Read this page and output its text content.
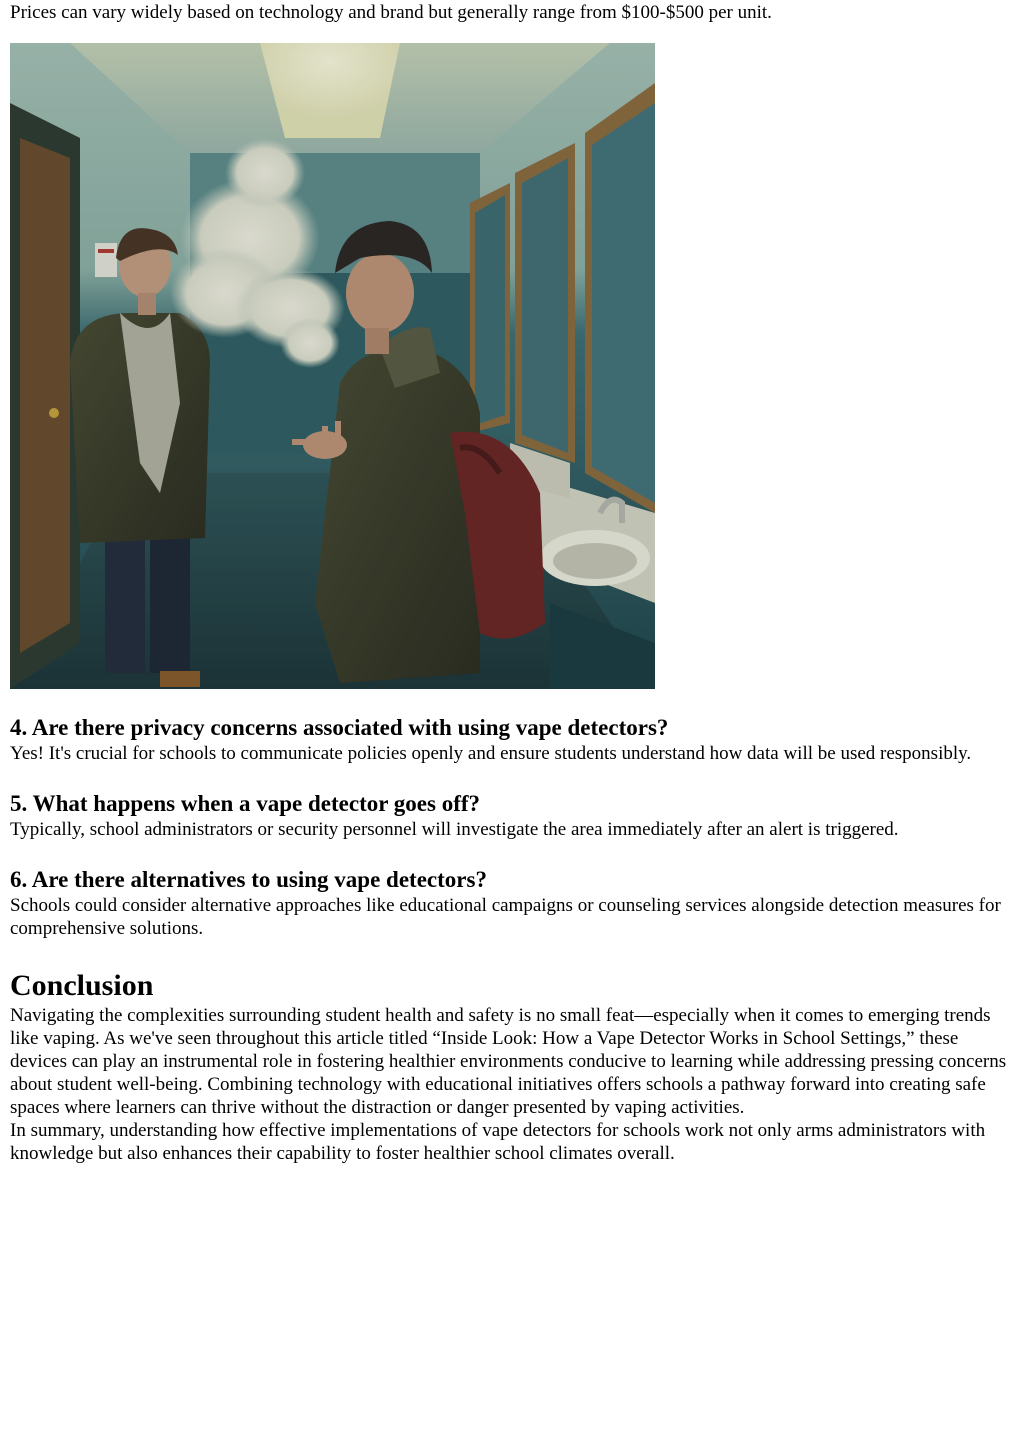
Prices can vary widely based on technology and brand but generally range from $100-$500 per unit.

4. Are there privacy concerns associated with using vape detectors?

Yes! It's crucial for schools to communicate policies openly and ensure students understand how data will be used responsibly.

5. What happens when a vape detector goes off?

Typically, school administrators or security personnel will investigate the area immediately after an alert is triggered.

6. Are there alternatives to using vape detectors?

Schools could consider alternative approaches like educational campaigns or counseling services alongside detection measures for comprehensive solutions.

Conclusion

Navigating the complexities surrounding student health and safety is no small feat—especially when it comes to emerging trends like vaping. As we've seen throughout this article titled “Inside Look: How a Vape Detector Works in School Settings,” these devices can play an instrumental role in fostering healthier environments conducive to learning while addressing pressing concerns about student well-being. Combining technology with educational initiatives offers schools a pathway forward into creating safe spaces where learners can thrive without the distraction or danger presented by vaping activities.

In summary, understanding how effective implementations of vape detectors for schools work not only arms administrators with knowledge but also enhances their capability to foster healthier school climates overall.
